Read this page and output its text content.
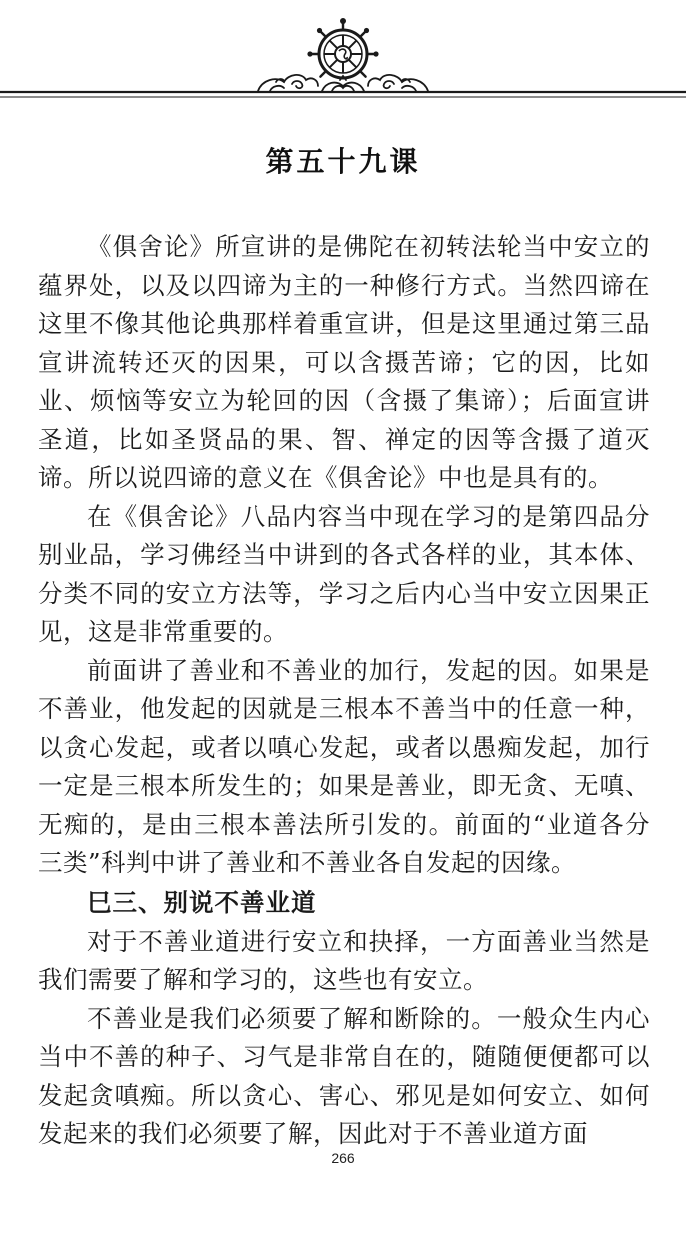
第五十九课

《俱舍论》所宣讲的是佛陀在初转法轮当中安立的蕴界处，以及以四谛为主的一种修行方式。当然四谛在这里不像其他论典那样着重宣讲，但是这里通过第三品宣讲流转还灭的因果，可以含摄苦谛；它的因，比如业、烦恼等安立为轮回的因（含摄了集谛）；后面宣讲圣道，比如圣贤品的果、智、禅定的因等含摄了道灭谛。所以说四谛的意义在《俱舍论》中也是具有的。

在《俱舍论》八品内容当中现在学习的是第四品分别业品，学习佛经当中讲到的各式各样的业，其本体、分类不同的安立方法等，学习之后内心当中安立因果正见，这是非常重要的。

前面讲了善业和不善业的加行，发起的因。如果是不善业，他发起的因就是三根本不善当中的任意一种，以贪心发起，或者以嗔心发起，或者以愚痴发起，加行一定是三根本所发生的；如果是善业，即无贪、无嗔、无痴的，是由三根本善法所引发的。前面的“业道各分三类”科判中讲了善业和不善业各自发起的因缘。

巳三、别说不善业道

对于不善业道进行安立和抉择，一方面善业当然是我们需要了解和学习的，这些也有安立。

不善业是我们必须要了解和断除的。一般众生内心当中不善的种子、习气是非常自在的，随随便便都可以发起贪嗔痴。所以贪心、害心、邪见是如何安立、如何发起来的我们必须要了解，因此对于不善业道方面

266
